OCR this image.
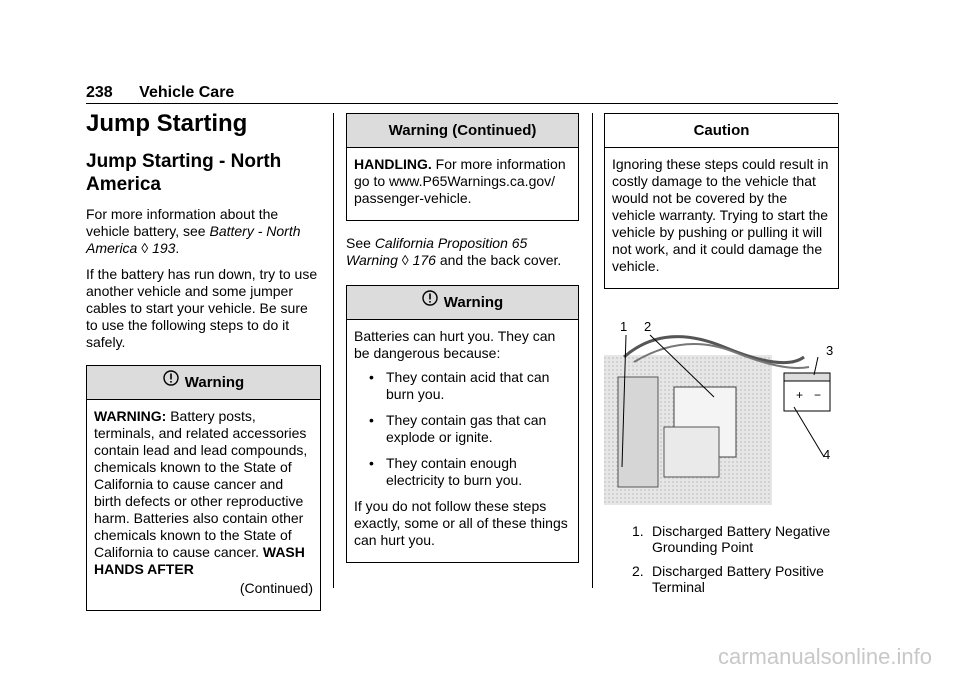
238 Vehicle Care
Jump Starting
Jump Starting - North America

For more information about the vehicle battery, see Battery - North America ◊ 193.

If the battery has run down, try to use another vehicle and some jumper cables to start your vehicle. Be sure to use the following steps to do it safely.

Warning

WARNING: Battery posts, terminals, and related accessories contain lead and lead compounds, chemicals known to the State of California to cause cancer and birth defects or other reproductive harm. Batteries also contain other chemicals known to the State of California to cause cancer. WASH HANDS AFTER

(Continued)

Warning (Continued)

HANDLING. For more information go to www.P65Warnings.ca.gov/ passenger-vehicle.

See California Proposition 65 Warning ◊ 176 and the back cover.

Warning

Batteries can hurt you. They can be dangerous because:

• They contain acid that can burn you.
• They contain gas that can explode or ignite.
• They contain enough electricity to burn you.

If you do not follow these steps exactly, some or all of these things can hurt you.

Caution

Ignoring these steps could result in costly damage to the vehicle that would not be covered by the vehicle warranty. Trying to start the vehicle by pushing or pulling it will not work, and it could damage the vehicle.

+ −
1 2
3
4
1. Discharged Battery Negative Grounding Point
2. Discharged Battery Positive Terminal
carmanualsonline.info
